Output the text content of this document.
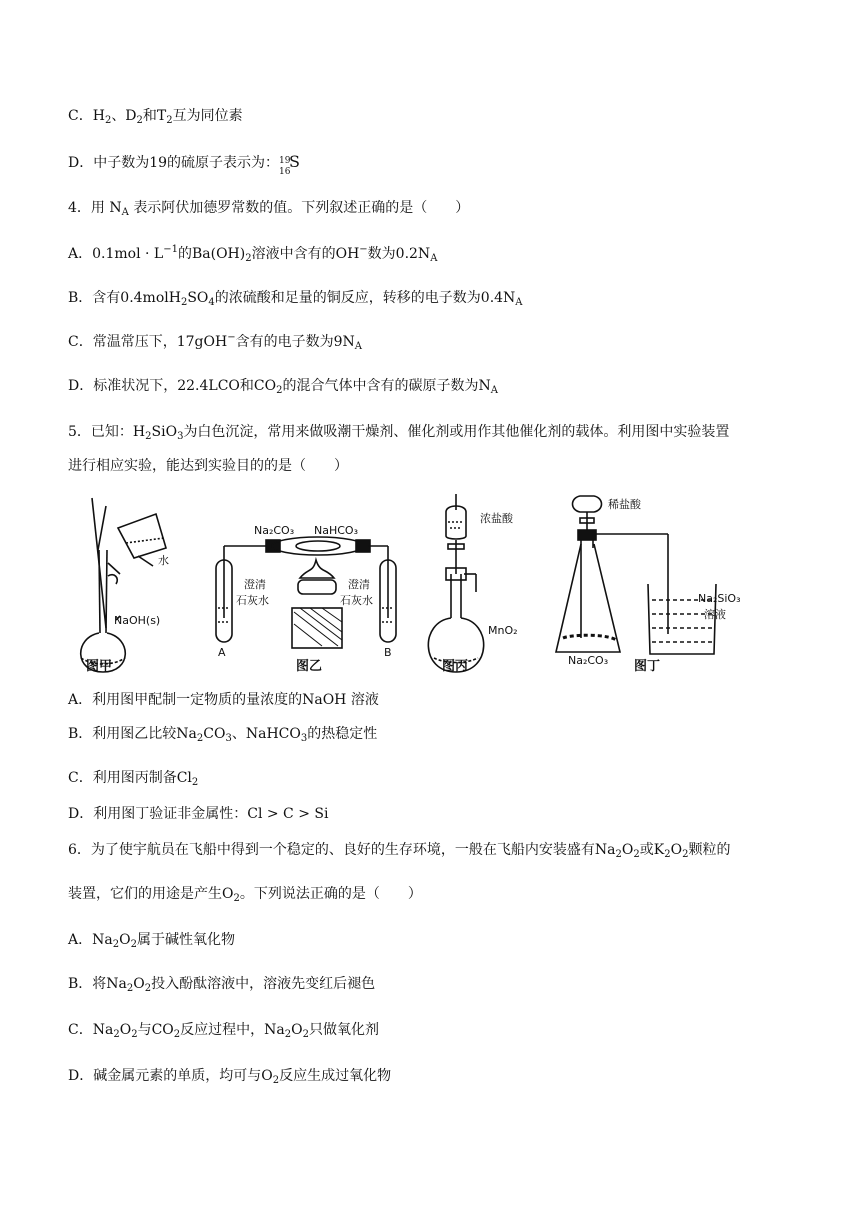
C．$H_2$、$D_2$和$T_2$互为同位素
D．中子数为19的硫原子表示为： 19
16
S
4．用 $N_A$ 表示阿伏加德罗常数的值。下列叙述正确的是（　　）
A．$0.1mol \cdot L^{-1}$的$Ba(OH)_2$溶液中含有的OH−数为$0.2N_A$
B．含有$0.4molH_2SO_4$的浓硫酸和足量的铜反应，转移的电子数为$0.4N_A$
C．常温常压下，17gOH−含有的电子数为$9N_A$
D．标准状况下，22.4LCO和$CO_2$的混合气体中含有的碳原子数为$N_A$
5．已知：$H_2SiO_3$为白色沉淀，常用来做吸潮干燥剂、催化剂或用作其他催化剂的载体。利用图中实验装置
进行相应实验，能达到实验目的的是（　　）
水
NaOH(s)
图甲
Na₂CO₃ NaHCO₃
澄清
石灰水
澄清
石灰水
A	B
图乙
浓盐酸
MnO₂
图丙
稀盐酸
Na₂SiO₃
溶液
Na₂CO₃ 图丁
A．利用图甲配制一定物质的量浓度的NaOH 溶液
B．利用图乙比较$Na_2CO_3$、NaHCO$_3$的热稳定性
C．利用图丙制备$Cl_2$
D．利用图丁验证非金属性：Cl > C > Si
6．为了使宇航员在飞船中得到一个稳定的、良好的生存环境，一般在飞船内安装盛有$Na_2O_2$或$K_2O_2$颗粒的
装置，它们的用途是产生$O_2$。下列说法正确的是（　　）
A．$Na_2O_2$属于碱性氧化物
B．将$Na_2O_2$投入酚酞溶液中，溶液先变红后褪色
C．$Na_2O_2$与$CO_2$反应过程中，$Na_2O_2$只做氧化剂
D．碱金属元素的单质，均可与$O_2$反应生成过氧化物
